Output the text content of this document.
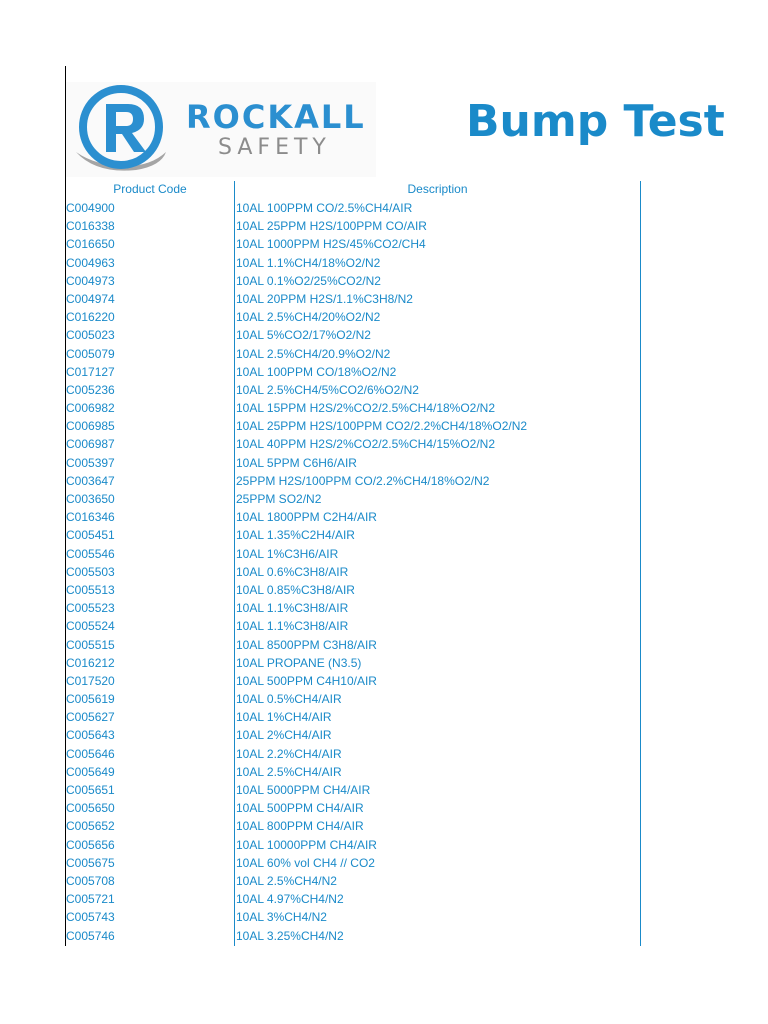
ROCKALL
SAFETY
Bump Test
Product Code	Description
C004900	10AL 100PPM CO/2.5%CH4/AIR
C016338	10AL 25PPM H2S/100PPM CO/AIR
C016650	10AL 1000PPM H2S/45%CO2/CH4
C004963	10AL 1.1%CH4/18%O2/N2
C004973	10AL 0.1%O2/25%CO2/N2
C004974	10AL 20PPM H2S/1.1%C3H8/N2
C016220	10AL 2.5%CH4/20%O2/N2
C005023	10AL 5%CO2/17%O2/N2
C005079	10AL 2.5%CH4/20.9%O2/N2
C017127	10AL 100PPM CO/18%O2/N2
C005236	10AL 2.5%CH4/5%CO2/6%O2/N2
C006982	10AL 15PPM H2S/2%CO2/2.5%CH4/18%O2/N2
C006985	10AL 25PPM H2S/100PPM CO2/2.2%CH4/18%O2/N2
C006987	10AL 40PPM H2S/2%CO2/2.5%CH4/15%O2/N2
C005397	10AL 5PPM C6H6/AIR
C003647	25PPM H2S/100PPM CO/2.2%CH4/18%O2/N2
C003650	25PPM SO2/N2
C016346	10AL 1800PPM C2H4/AIR
C005451	10AL 1.35%C2H4/AIR
C005546	10AL 1%C3H6/AIR
C005503	10AL 0.6%C3H8/AIR
C005513	10AL 0.85%C3H8/AIR
C005523	10AL 1.1%C3H8/AIR
C005524	10AL 1.1%C3H8/AIR
C005515	10AL 8500PPM C3H8/AIR
C016212	10AL PROPANE (N3.5)
C017520	10AL 500PPM C4H10/AIR
C005619	10AL 0.5%CH4/AIR
C005627	10AL 1%CH4/AIR
C005643	10AL 2%CH4/AIR
C005646	10AL 2.2%CH4/AIR
C005649	10AL 2.5%CH4/AIR
C005651	10AL 5000PPM CH4/AIR
C005650	10AL 500PPM CH4/AIR
C005652	10AL 800PPM CH4/AIR
C005656	10AL 10000PPM CH4/AIR
C005675	10AL 60% vol CH4 // CO2
C005708	10AL 2.5%CH4/N2
C005721	10AL 4.97%CH4/N2
C005743	10AL 3%CH4/N2
C005746	10AL 3.25%CH4/N2
